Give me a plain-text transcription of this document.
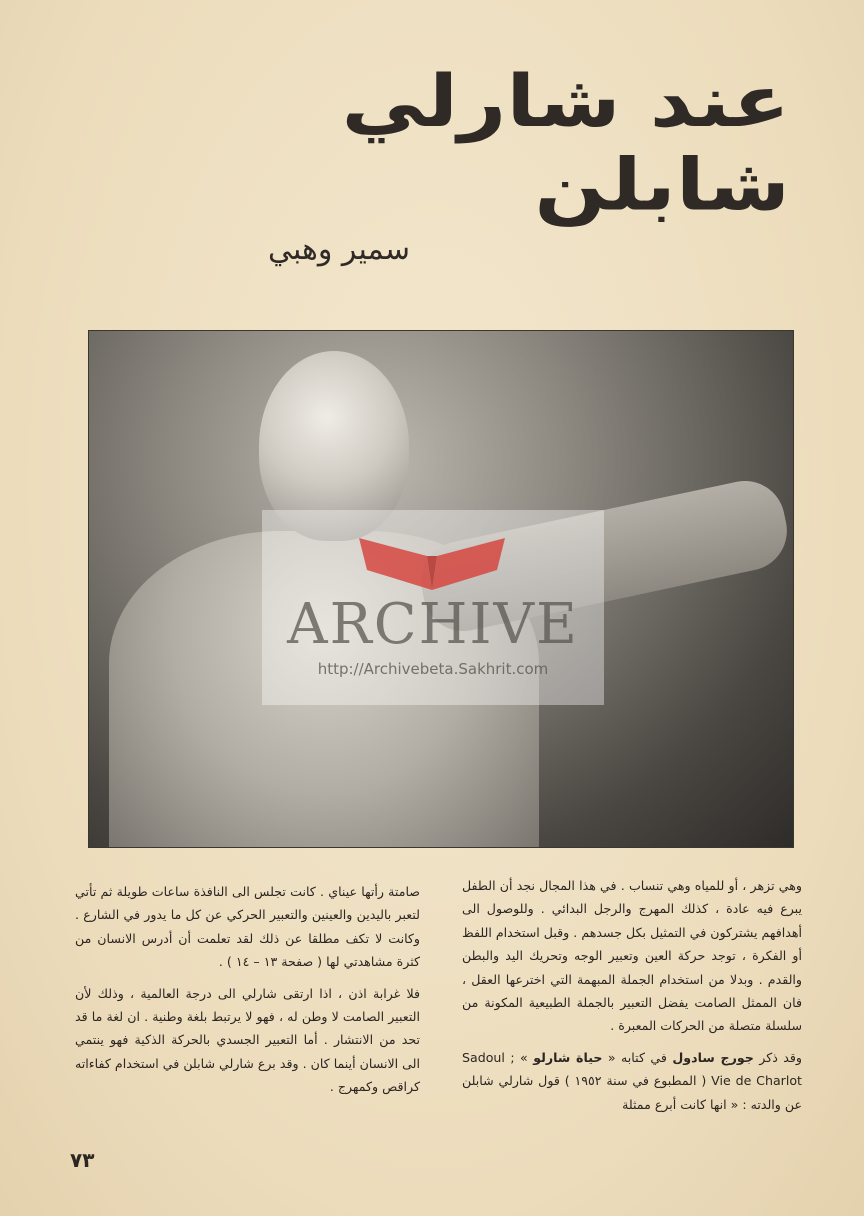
عند شارلي شابلن
سمير وهبي
ARCHIVE
http://Archivebeta.Sakhrit.com

وهي تزهر ، أو للمياه وهي تنساب . في هذا المجال نجد أن الطفل يبرع فيه عادة ، كذلك المهرج والرجل البدائي . وللوصول الى أهدافهم يشتركون في التمثيل بكل جسدهم . وقبل استخدام اللفظ أو الفكرة ، توجد حركة العين وتعبير الوجه وتحريك اليد والبطن والقدم . وبدلا من استخدام الجملة المبهمة التي اخترعها العقل ، فان الممثل الصامت يفضل التعبير بالجملة الطبيعية المكونة من سلسلة متصلة من الحركات المعبرة .

وقد ذكر جورج سادول في كتابه « حياة شارلو » Sadoul ; Vie de Charlot ( المطبوع في سنة ١٩٥٢ ) قول شارلي شابلن عن والدته : « انها كانت أبرع ممثلة

صامتة رأتها عيناي . كانت تجلس الى النافذة ساعات طويلة ثم تأتي لتعبر باليدين والعينين والتعبير الحركي عن كل ما يدور في الشارع . وكانت لا تكف مطلقا عن ذلك لقد تعلمت أن أدرس الانسان من كثرة مشاهدتي لها ( صفحة ١٣ – ١٤ ) .

فلا غرابة اذن ، اذا ارتقى شارلي الى درجة العالمية ، وذلك لأن التعبير الصامت لا وطن له ، فهو لا يرتبط بلغة وطنية . ان لغة ما قد تحد من الانتشار . أما التعبير الجسدي بالحركة الذكية فهو ينتمي الى الانسان أينما كان . وقد برع شارلي شابلن في استخدام كفاءاته كراقص وكمهرج .

٧٣
